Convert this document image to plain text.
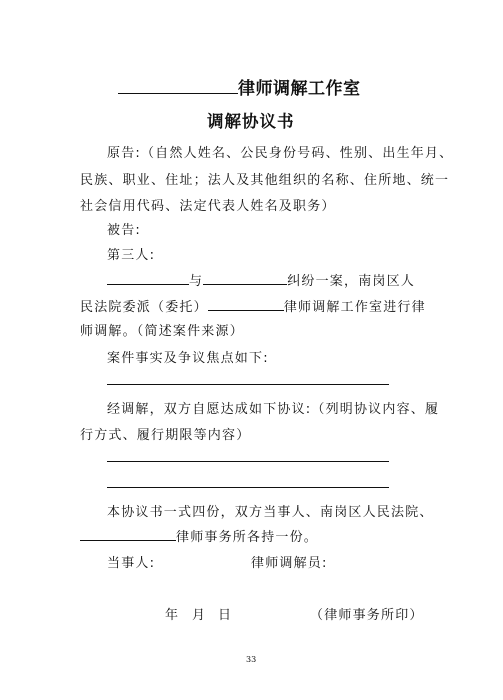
律师调解工作室
调解协议书
原告:（自然人姓名、公民身份号码、性别、出生年月、
民族、职业、住址；法人及其他组织的名称、住所地、统一
社会信用代码、法定代表人姓名及职务）
被告:
第三人:
与	纠纷一案，南岗区人
民法院委派（委托）	律师调解工作室进行律
师调解。（简述案件来源）
案件事实及争议焦点如下:
经调解，双方自愿达成如下协议:（列明协议内容、履
行方式、履行期限等内容）
本协议书一式四份，双方当事人、南岗区人民法院、
律师事务所各持一份。
当事人:	律师调解员:
年 月 日	（律师事务所印）
33
